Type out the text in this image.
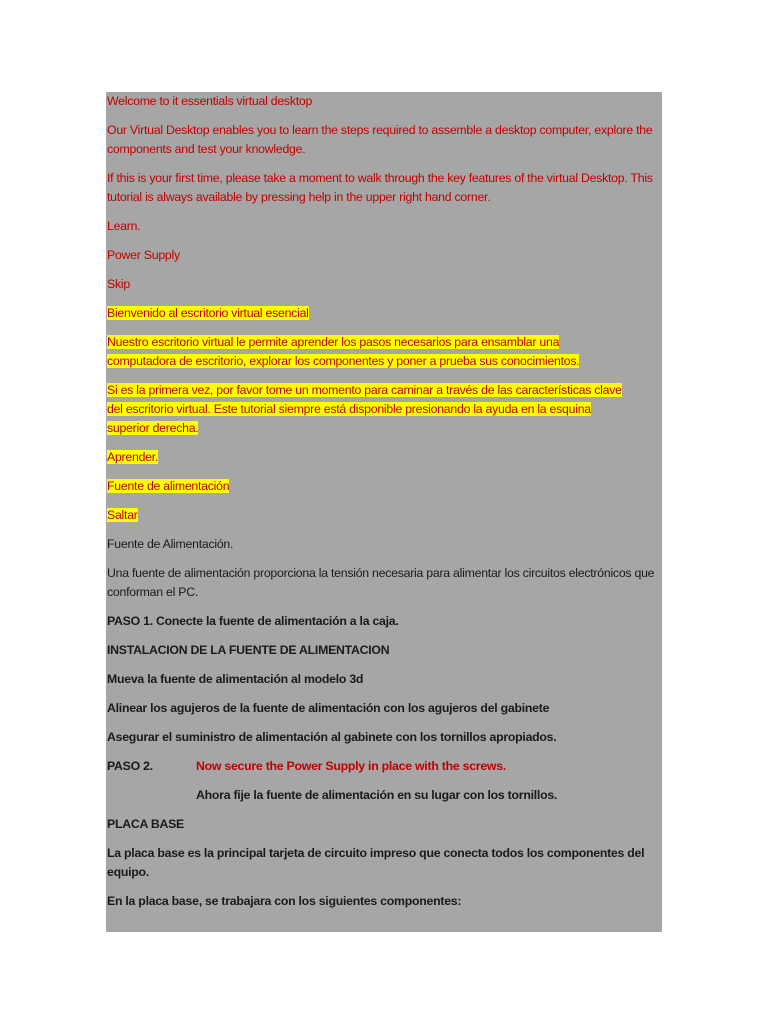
Welcome to it essentials virtual desktop

Our Virtual Desktop enables you to learn the steps required to assemble a desktop computer, explore the components and test your knowledge.

If this is your first time, please take a moment to walk through the key features of the virtual Desktop. This tutorial is always available by pressing help in the upper right hand corner.

Learn.

Power Supply

Skip

Bienvenido al escritorio virtual esencial

Nuestro escritorio virtual le permite aprender los pasos necesarios para ensamblar una
computadora de escritorio, explorar los componentes y poner a prueba sus conocimientos.

Si es la primera vez, por favor tome un momento para caminar a través de las características clave
del escritorio virtual. Este tutorial siempre está disponible presionando la ayuda en la esquina
superior derecha.

Aprender.

Fuente de alimentación

Saltar

Fuente de Alimentación.

Una fuente de alimentación proporciona la tensión necesaria para alimentar los circuitos electrónicos que conforman el PC.

PASO 1. Conecte la fuente de alimentación a la caja.

INSTALACION DE LA FUENTE DE ALIMENTACION

Mueva la fuente de alimentación al modelo 3d

Alinear los agujeros de la fuente de alimentación con los agujeros del gabinete

Asegurar el suministro de alimentación al gabinete con los tornillos apropiados.

PASO 2.	Now secure the Power Supply in place with the screws.

Ahora fije la fuente de alimentación en su lugar con los tornillos.

PLACA BASE

La placa base es la principal tarjeta de circuito impreso que conecta todos los componentes del equipo.

En la placa base, se trabajara con los siguientes componentes:
